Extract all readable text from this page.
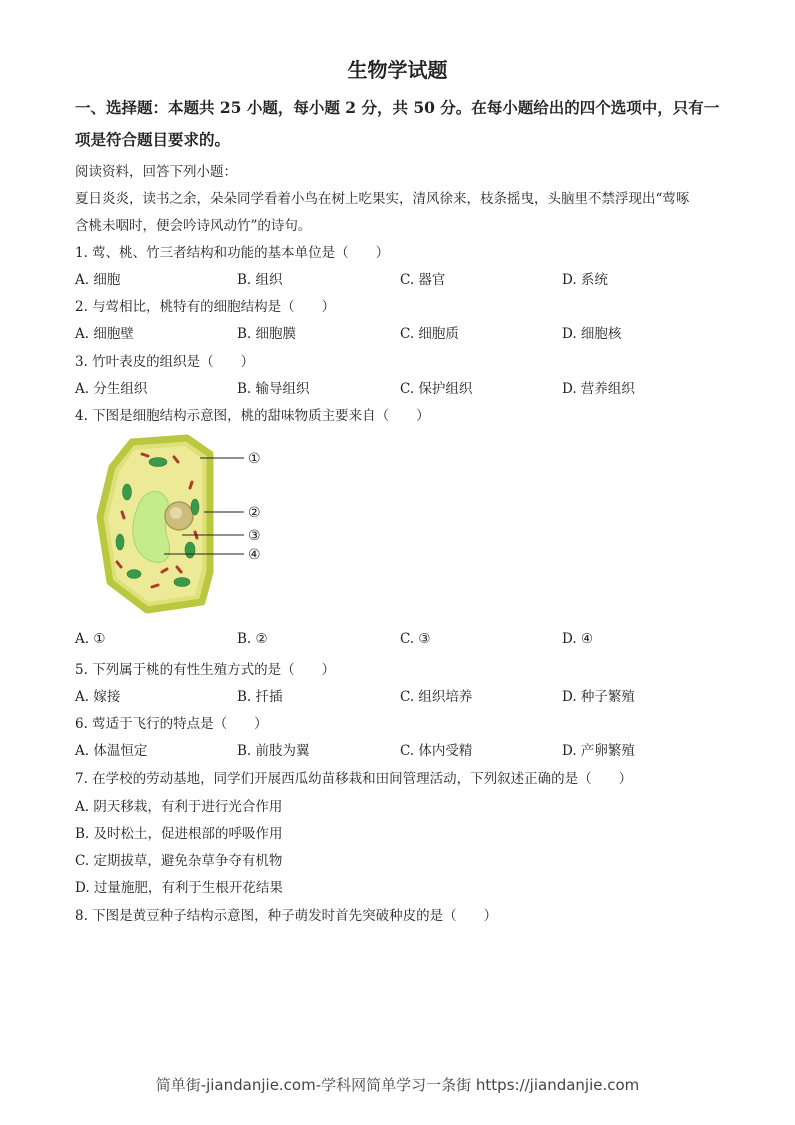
生物学试题
一、选择题：本题共 25 小题，每小题 2 分，共 50 分。在每小题给出的四个选项中，只有一
项是符合题目要求的。
阅读资料，回答下列小题：
夏日炎炎，读书之余，朵朵同学看着小鸟在树上吃果实，清风徐来，枝条摇曳，头脑里不禁浮现出“莺啄
含桃未咽时，便会吟诗风动竹”的诗句。
1. 莺、桃、竹三者结构和功能的基本单位是（　　）
A. 细胞	B. 组织	C. 器官	D. 系统
2. 与莺相比，桃特有的细胞结构是（　　）
A. 细胞壁	B. 细胞膜	C. 细胞质	D. 细胞核
3. 竹叶表皮的组织是（　　）
A. 分生组织	B. 输导组织	C. 保护组织	D. 营养组织
4. 下图是细胞结构示意图，桃的甜味物质主要来自（　　）
①
②
③
④
A. ①	B. ②	C. ③	D. ④
5. 下列属于桃的有性生殖方式的是（　　）
A. 嫁接	B. 扦插	C. 组织培养	D. 种子繁殖
6. 莺适于飞行的特点是（　　）
A. 体温恒定	B. 前肢为翼	C. 体内受精	D. 产卵繁殖
7. 在学校的劳动基地，同学们开展西瓜幼苗移栽和田间管理活动，下列叙述正确的是（　　）
A. 阴天移栽，有利于进行光合作用
B. 及时松土，促进根部的呼吸作用
C. 定期拔草，避免杂草争夺有机物
D. 过量施肥，有利于生根开花结果
8. 下图是黄豆种子结构示意图，种子萌发时首先突破种皮的是（　　）
简单街-jiandanjie.com-学科网简单学习一条街 https://jiandanjie.com
